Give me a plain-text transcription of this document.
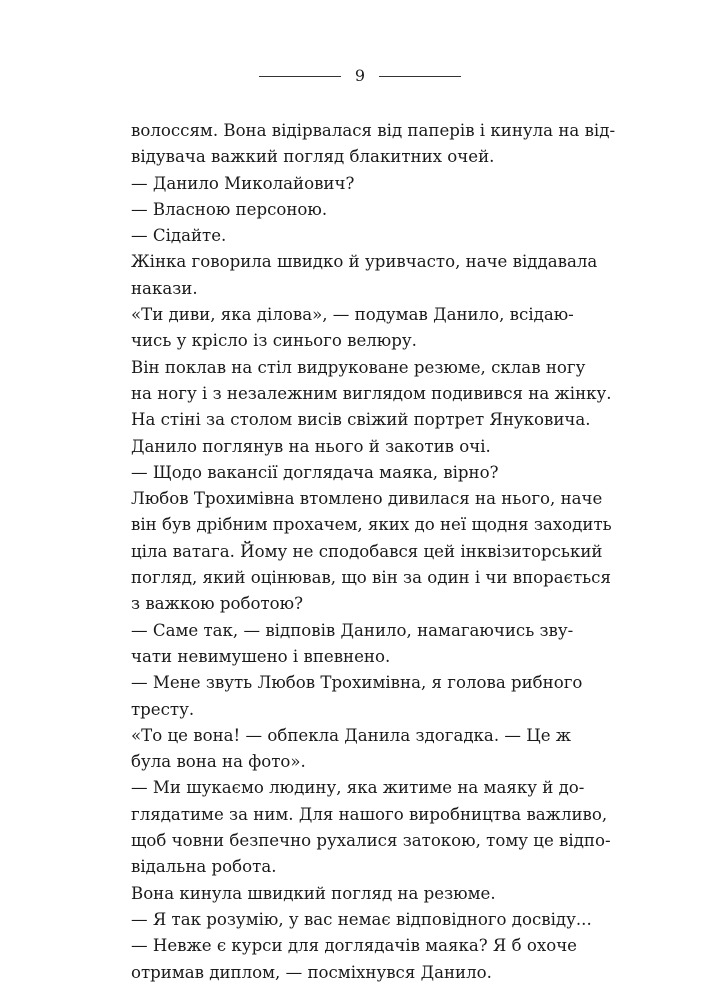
9
волоссям. Вона відірвалася від паперів і кинула на від-
відувача важкий погляд блакитних очей.
— Данило Миколайович?
— Власною персоною.
— Сідайте.
Жінка говорила швидко й уривчасто, наче віддавала
накази.
«Ти диви, яка ділова», — подумав Данило, всідаю-
чись у крісло із синього велюру.
Він поклав на стіл видруковане резюме, склав ногу
на ногу і з незалежним виглядом подивився на жінку.
На стіні за столом висів свіжий портрет Януковича.
Данило поглянув на нього й закотив очі.
— Щодо вакансії доглядача маяка, вірно?
Любов Трохимівна втомлено дивилася на нього, наче
він був дрібним прохачем, яких до неї щодня заходить
ціла ватага. Йому не сподобався цей інквізиторський
погляд, який оцінював, що він за один і чи впорається
з важкою роботою?
— Саме так, — відповів Данило, намагаючись зву-
чати невимушено і впевнено.
— Мене звуть Любов Трохимівна, я голова рибного
тресту.
«То це вона! — обпекла Данила здогадка. — Це ж
була вона на фото».
— Ми шукаємо людину, яка житиме на маяку й до-
глядатиме за ним. Для нашого виробництва важливо,
щоб човни безпечно рухалися затокою, тому це відпо-
відальна робота.
Вона кинула швидкий погляд на резюме.
— Я так розумію, у вас немає відповідного досвіду...
— Невже є курси для доглядачів маяка? Я б охоче
отримав диплом, — посміхнувся Данило.
